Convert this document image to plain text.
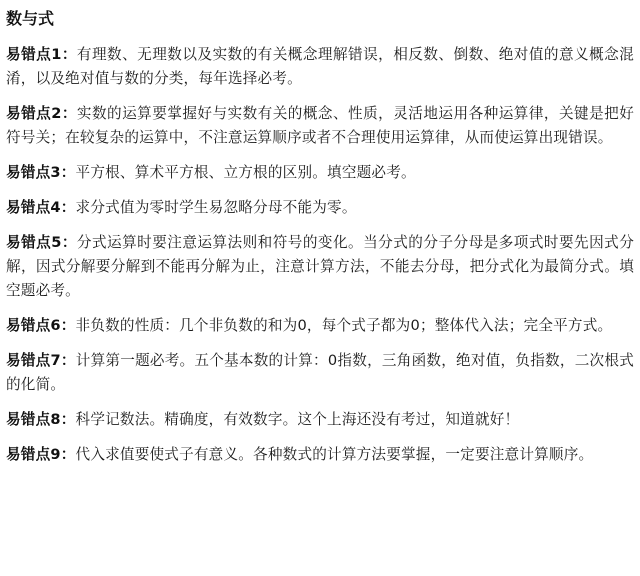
数与式

易错点1：有理数、无理数以及实数的有关概念理解错误，相反数、倒数、绝对值的意义概念混淆，以及绝对值与数的分类，每年选择必考。

易错点2：实数的运算要掌握好与实数有关的概念、性质，灵活地运用各种运算律，关键是把好符号关；在较复杂的运算中，不注意运算顺序或者不合理使用运算律，从而使运算出现错误。

易错点3：平方根、算术平方根、立方根的区别。填空题必考。

易错点4：求分式值为零时学生易忽略分母不能为零。

易错点5：分式运算时要注意运算法则和符号的变化。当分式的分子分母是多项式时要先因式分解，因式分解要分解到不能再分解为止，注意计算方法，不能去分母，把分式化为最简分式。填空题必考。

易错点6：非负数的性质：几个非负数的和为0，每个式子都为0；整体代入法；完全平方式。

易错点7：计算第一题必考。五个基本数的计算：0指数，三角函数，绝对值，负指数，二次根式的化简。

易错点8：科学记数法。精确度，有效数字。这个上海还没有考过，知道就好！

易错点9：代入求值要使式子有意义。各种数式的计算方法要掌握，一定要注意计算顺序。
